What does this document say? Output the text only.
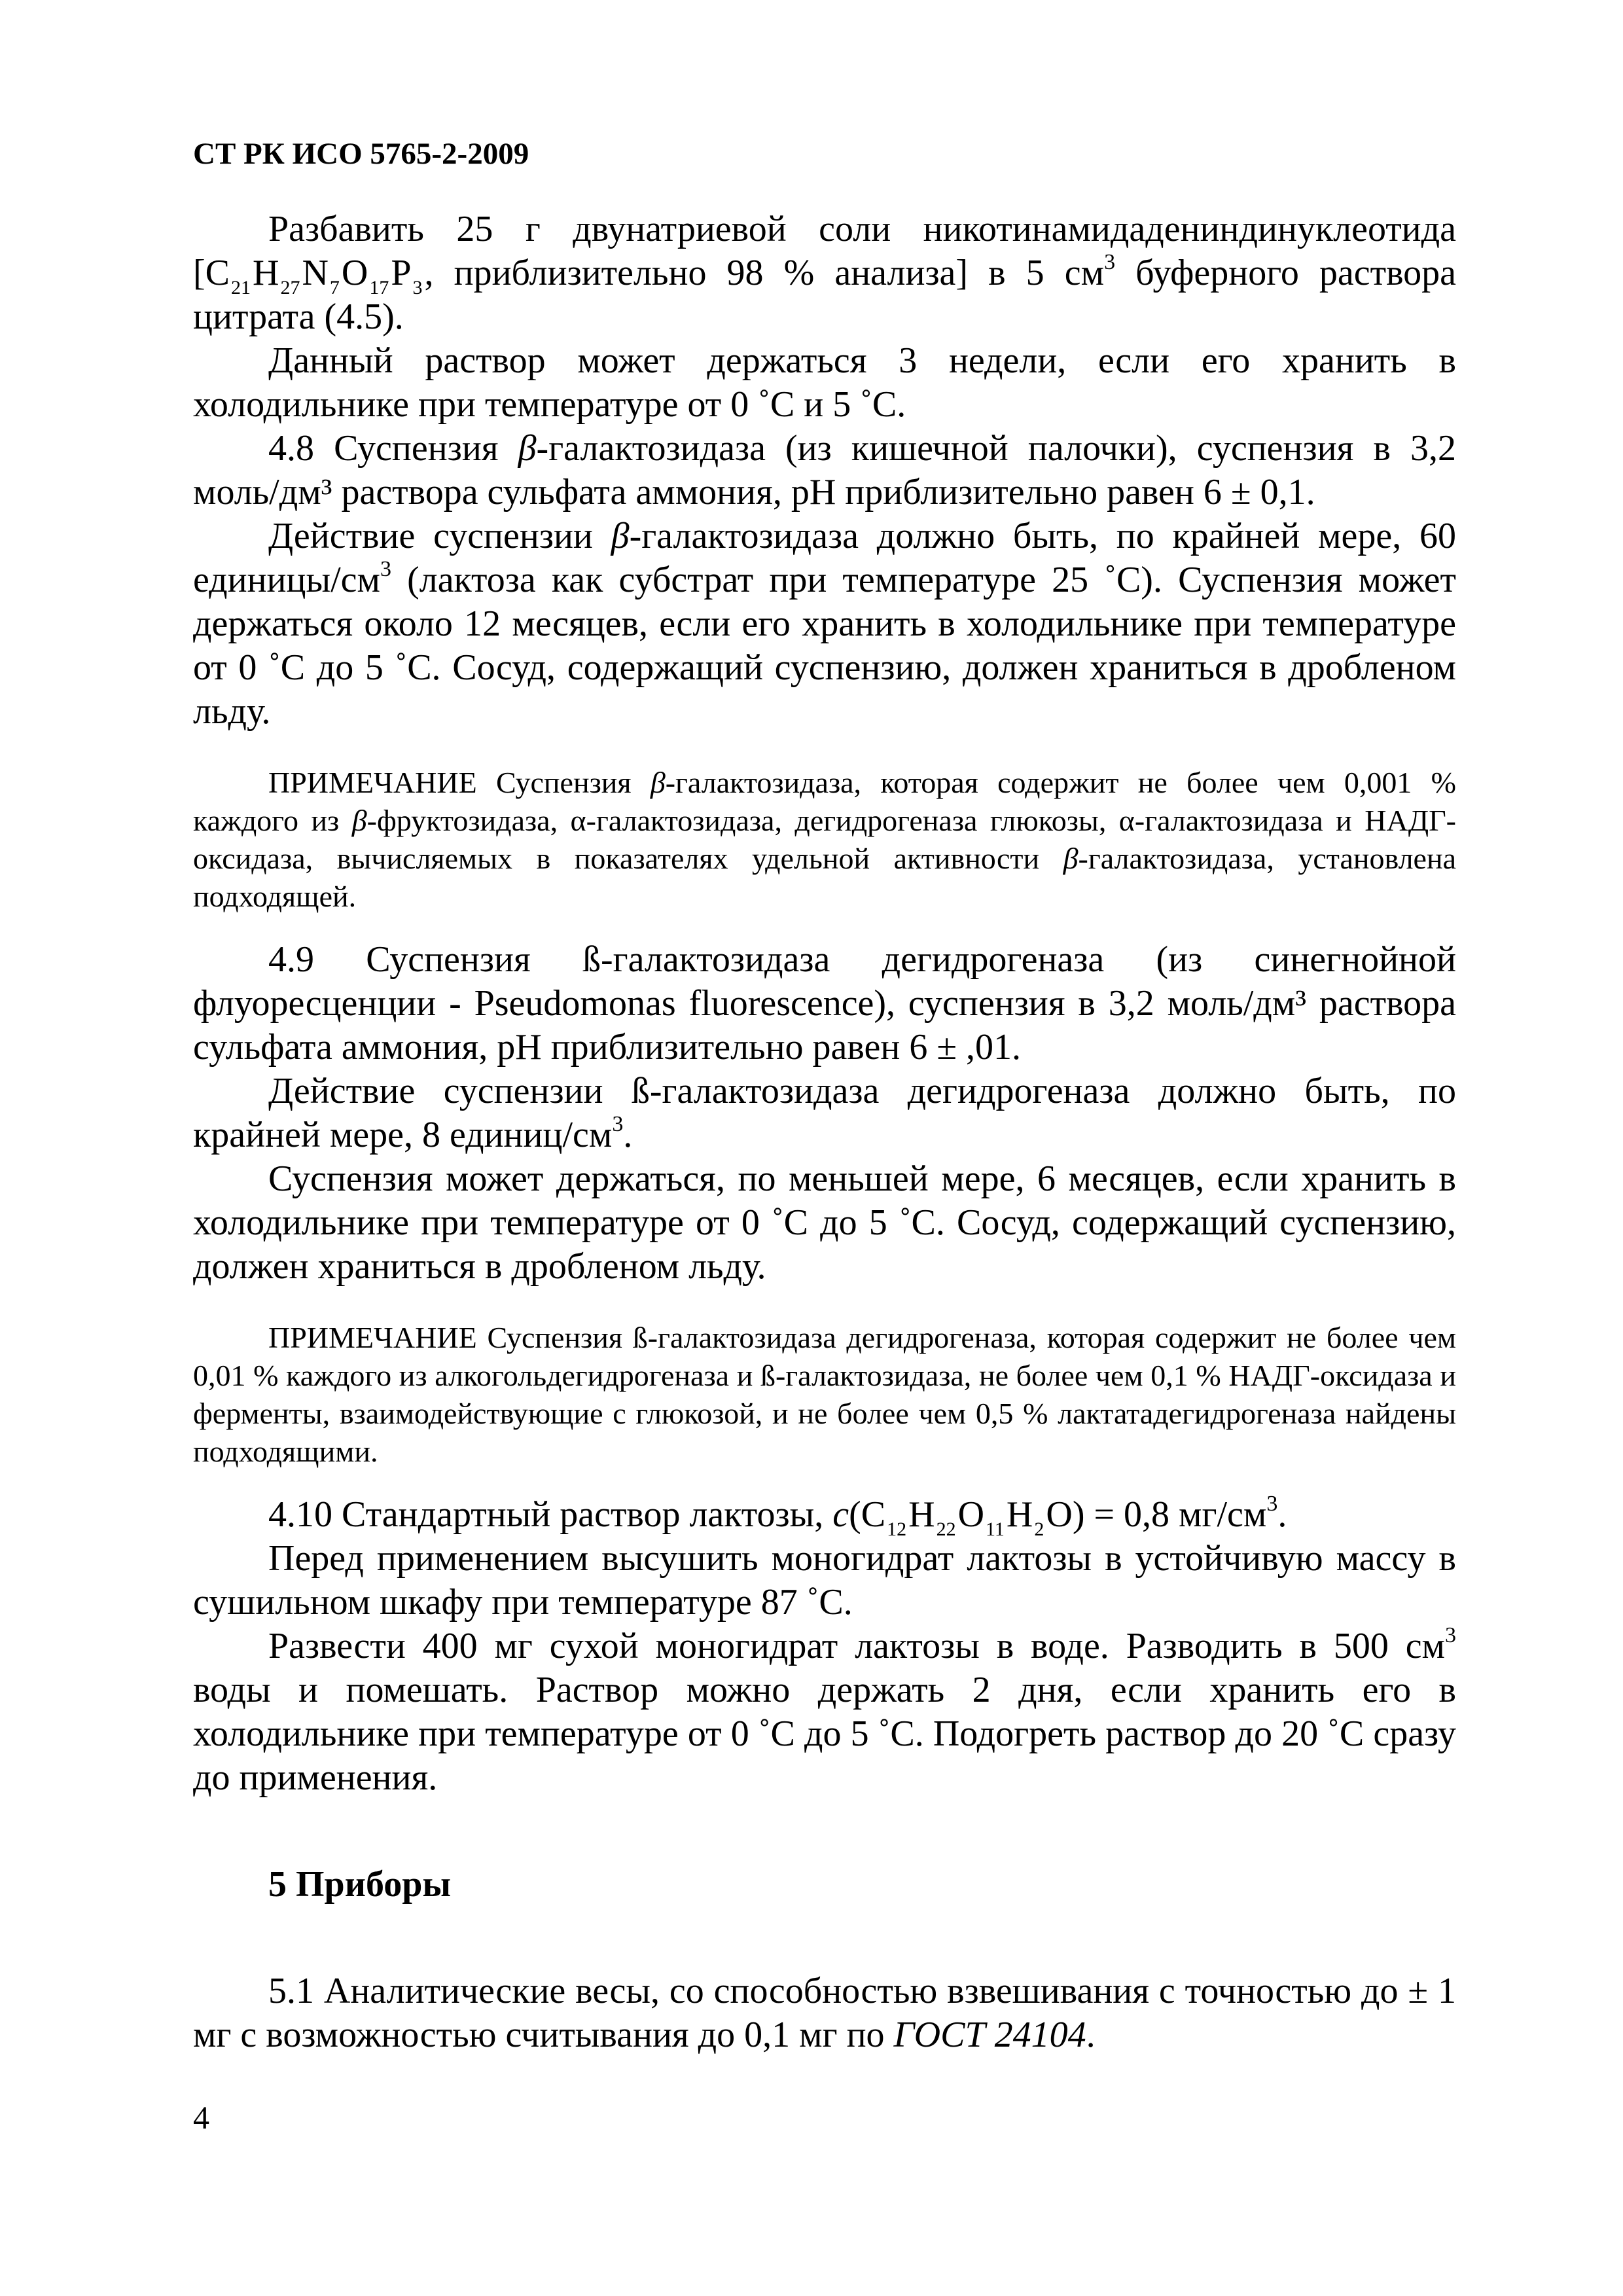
СТ РК ИСО 5765-2-2009

Разбавить 25 г двунатриевой соли никотинамидадениндинуклеотида [$С_{21}H_{27}N_7O_{17}P_3$, приблизительно 98 % анализа] в 5 $см^3$ буферного раствора цитрата (4.5).

Данный раствор может держаться 3 недели, если его хранить в холодильнике при температуре от 0 ˚С и 5 ˚С.

4.8 Суспензия β-галактозидаза (из кишечной палочки), суспензия в 3,2 моль/дм³ раствора сульфата аммония, pH приблизительно равен 6 ± 0,1.

Действие суспензии β-галактозидаза должно быть, по крайней мере, 60 единицы/$см^3$ (лактоза как субстрат при температуре 25 ˚С). Суспензия может держаться около 12 месяцев, если его хранить в холодильнике при температуре от 0 ˚С до 5 ˚С. Сосуд, содержащий суспензию, должен храниться в дробленом льду.

ПРИМЕЧАНИЕ Суспензия β-галактозидаза, которая содержит не более чем 0,001 % каждого из β-фруктозидаза, α-галактозидаза, дегидрогеназа глюкозы, α-галактозидаза и НАДГ-оксидаза, вычисляемых в показателях удельной активности β-галактозидаза, установлена подходящей.

4.9 Суспензия ß-галактозидаза дегидрогеназа (из синегнойной флуоресценции - Pseudomonas fluorescence), суспензия в 3,2 моль/дм³ раствора сульфата аммония, pH приблизительно равен 6 ± ,01.

Действие суспензии ß-галактозидаза дегидрогеназа должно быть, по крайней мере, 8 единиц/$см^3$.

Суспензия может держаться, по меньшей мере, 6 месяцев, если хранить в холодильнике при температуре от 0 ˚С до 5 ˚С. Сосуд, содержащий суспензию, должен храниться в дробленом льду.

ПРИМЕЧАНИЕ Суспензия ß-галактозидаза дегидрогеназа, которая содержит не более чем 0,01 % каждого из алкогольдегидрогеназа и ß-галактозидаза, не более чем 0,1 % НАДГ-оксидаза и ферменты, взаимодействующие с глюкозой, и не более чем 0,5 % лактатадегидрогеназа найдены подходящими.

4.10 Стандартный раствор лактозы, $c(С_{12}H_{22}O_{11}H_2O) = 0,8$ $мг/см^3$.

Перед применением высушить моногидрат лактозы в устойчивую массу в сушильном шкафу при температуре 87 ˚С.

Развести 400 мг сухой моногидрат лактозы в воде. Разводить в 500 $см^3$ воды и помешать. Раствор можно держать 2 дня, если хранить его в холодильнике при температуре от 0 ˚С до 5 ˚С. Подогреть раствор до 20 ˚С сразу до применения.

5 Приборы

5.1 Аналитические весы, со способностью взвешивания с точностью до ± 1 мг с возможностью считывания до 0,1 мг по ГОСТ 24104.

4
